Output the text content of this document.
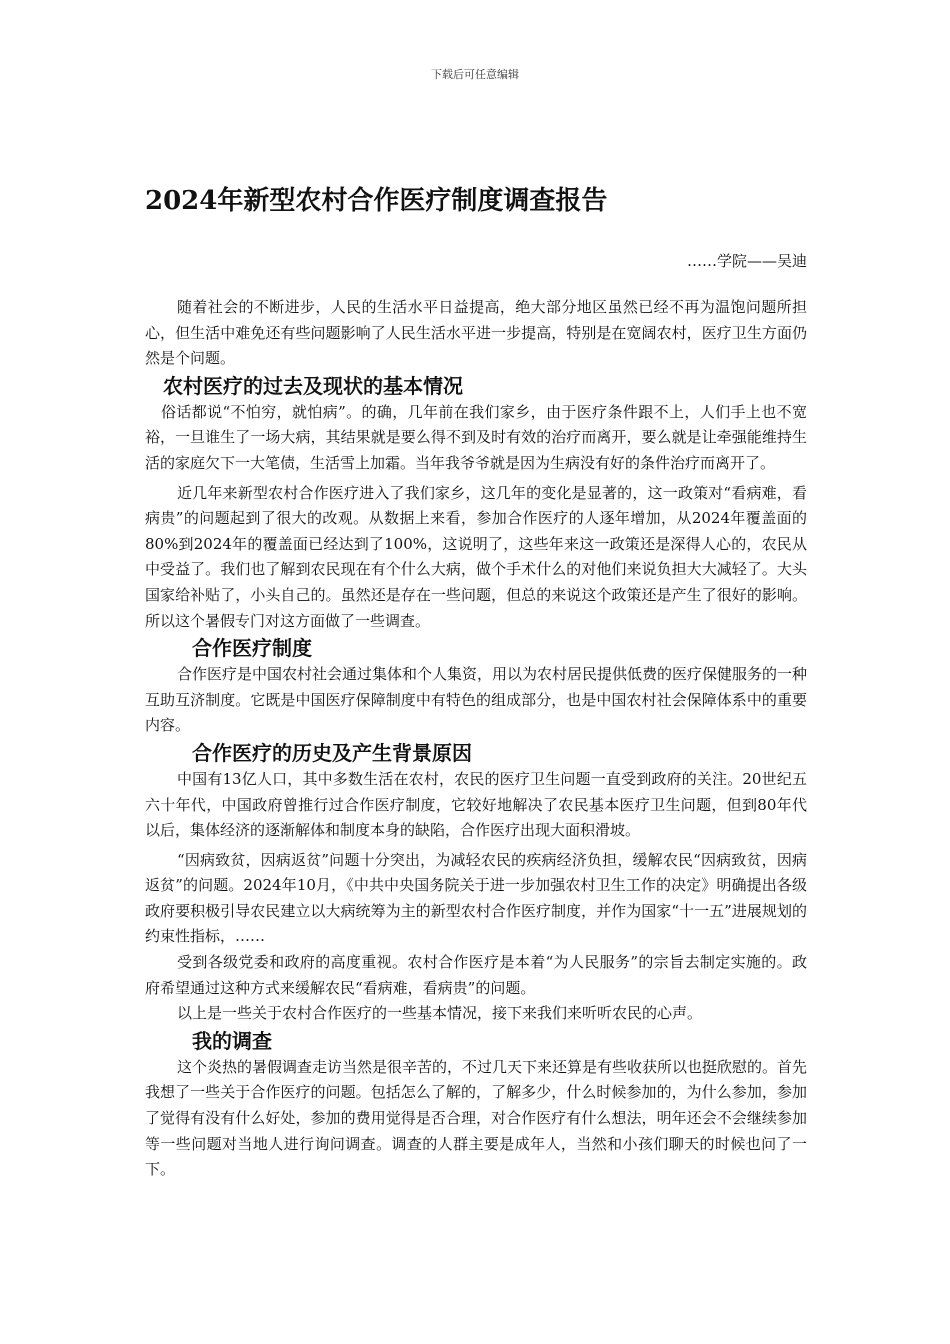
下载后可任意编辑
2024年新型农村合作医疗制度调查报告
……学院——吴迪

随着社会的不断进步，人民的生活水平日益提高，绝大部分地区虽然已经不再为温饱问题所担心，但生活中难免还有些问题影响了人民生活水平进一步提高，特别是在宽阔农村，医疗卫生方面仍然是个问题。

农村医疗的过去及现状的基本情况

俗话都说“不怕穷，就怕病”。的确，几年前在我们家乡，由于医疗条件跟不上，人们手上也不宽裕，一旦谁生了一场大病，其结果就是要么得不到及时有效的治疗而离开，要么就是让牵强能维持生活的家庭欠下一大笔债，生活雪上加霜。当年我爷爷就是因为生病没有好的条件治疗而离开了。

近几年来新型农村合作医疗进入了我们家乡，这几年的变化是显著的，这一政策对“看病难，看病贵”的问题起到了很大的改观。从数据上来看，参加合作医疗的人逐年增加，从2024年覆盖面的80%到2024年的覆盖面已经达到了100%，这说明了，这些年来这一政策还是深得人心的，农民从中受益了。我们也了解到农民现在有个什么大病，做个手术什么的对他们来说负担大大减轻了。大头国家给补贴了，小头自己的。虽然还是存在一些问题，但总的来说这个政策还是产生了很好的影响。所以这个暑假专门对这方面做了一些调查。

合作医疗制度

合作医疗是中国农村社会通过集体和个人集资，用以为农村居民提供低费的医疗保健服务的一种互助互济制度。它既是中国医疗保障制度中有特色的组成部分，也是中国农村社会保障体系中的重要内容。

合作医疗的历史及产生背景原因

中国有13亿人口，其中多数生活在农村，农民的医疗卫生问题一直受到政府的关注。20世纪五六十年代，中国政府曾推行过合作医疗制度，它较好地解决了农民基本医疗卫生问题，但到80年代以后，集体经济的逐渐解体和制度本身的缺陷，合作医疗出现大面积滑坡。

“因病致贫，因病返贫”问题十分突出，为减轻农民的疾病经济负担，缓解农民“因病致贫，因病返贫”的问题。2024年10月，《中共中央国务院关于进一步加强农村卫生工作的决定》明确提出各级政府要积极引导农民建立以大病统筹为主的新型农村合作医疗制度，并作为国家“十一五”进展规划的约束性指标，……

受到各级党委和政府的高度重视。农村合作医疗是本着“为人民服务”的宗旨去制定实施的。政府希望通过这种方式来缓解农民“看病难，看病贵”的问题。

以上是一些关于农村合作医疗的一些基本情况，接下来我们来听听农民的心声。

我的调查

这个炎热的暑假调查走访当然是很辛苦的，不过几天下来还算是有些收获所以也挺欣慰的。首先我想了一些关于合作医疗的问题。包括怎么了解的，了解多少，什么时候参加的，为什么参加，参加了觉得有没有什么好处，参加的费用觉得是否合理，对合作医疗有什么想法，明年还会不会继续参加等一些问题对当地人进行询问调查。调查的人群主要是成年人，当然和小孩们聊天的时候也问了一下。
